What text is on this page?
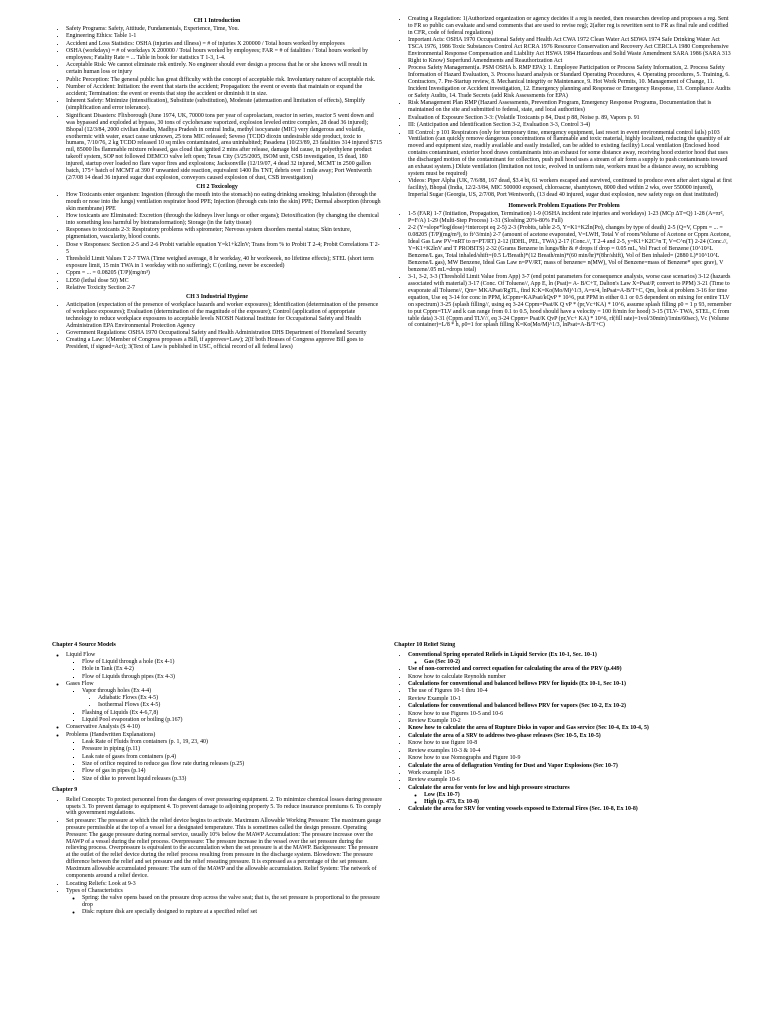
CH 1 Introduction
• Safety Programs: Safety, Attitude, Fundamentals, Experience, Time, You.
• Engineering Ethics: Table 1-1
• Accident and Loss Statistics: OSHA (injuries and illness) = # of injuries X 200000 / Total hours worked by employees
• OSHA (workdays) = # of workdays X 200000 / Total hours worked by employees; FAR = # of fatalities / Total hours worked by employees; Fatality Rate = ... Table in book for statistics T 1-3, 1-4.
• Acceptable Risk: We cannot eliminate risk entirely. No engineer should ever design a process that he or she knows will result in certain human loss or injury
• Public Perception: The general public has great difficulty with the concept of acceptable risk. Involuntary nature of acceptable risk.
• Number of Accident: Initiation: the event that starts the accident; Propagation: the event or events that maintain or expand the accident; Termination: the event or events that stop the accident or diminish it in size.
• Inherent Safety: Minimize (intensification), Substitute (substitution), Moderate (attenuation and limitation of effects), Simplify (simplification and error tolerance).
• Significant Disasters: Flixborough (June 1974, UK, 70000 tons per year of caprolactam, reactor in series, reactor 5 went down and was bypassed and exploded at bypass, 30 tons of cyclohexane vaporized, explosion leveled entire complex, 28 dead 36 injured); Bhopal (12/3/84, 2000 civilian deaths, Madhya Pradesh in central India, methyl isocyanate (MIC) very dangerous and volatile, exothermic with water, exact cause unknown, 25 tons MIC released; Seveso (TCDD dioxin undesirable side product, toxic to humans, 7/10/76, 2 kg TCDD released 10 sq miles contaminated, area uninhabited; Pasadena (10/23/89, 23 fatalities 314 injured $715 mil, 85000 lbs flammable mixture released, gas cloud that ignited 2 mins after release, damage hid cause, in polyethylene product takeoff system, SOP not followed DEMCO valve left open; Texas City (3/25/2005, ISOM unit, CSB investigation, 15 dead, 180 injured, startup over loaded no flare vapor fires and explosions; Jacksonville (12/19/07, 4 dead 32 injured, MCMT in 2500 gallon batch, 175+ batch of MCMT at 390 F unwanted side reaction, equivalent 1400 lbs TNT, debris over 1 mile away; Port Wentworth (2/7/08 14 dead 36 injured sugar dust explosion, conveyors caused explosion of dust, CSB investigation)
CH 2 Toxicology
• How Toxicants enter organism: Ingestion (through the mouth into the stomach) no eating drinking smoking; Inhalation (through the mouth or nose into the lungs) ventilation respirator hood PPE; Injection (through cuts into the skin) PPE; Dermal absorption (through skin membrane) PPE
• How toxicants are Eliminated: Excretion (through the kidneys liver lungs or other organs); Detoxification (by changing the chemical into something less harmful by biotransformation); Storage (in the fatty tissue)
• Responses to toxicants 2-3: Respiratory problems with spirometer; Nervous system disorders mental status; Skin texture, pigmentation, vascularity, blood counts.
• Dose v Responses: Section 2-5 and 2-6 Probit variable equation Y=k1+k2lnV; Trans from % to Probit T 2-4; Probit Correlations T 2-5
• Threshold Limit Values T 2-7 TWA (Time weighed average, 8 hr workday, 40 hr workweek, no lifetime effects); STEL (short term exposure limit, 15 min TWA in 1 workday with no suffering); C (ceiling, never be exceeded)
• Cppm = ... = 0.08205 (T/P)(mg/m³)
• LD50 (lethal dose 50) MC
• Relative Toxicity Section 2-7
CH 3 Industrial Hygiene
• Anticipation (expectation of the presence of workplace hazards and worker exposures); Identification (determination of the presence of workplace exposures); Evaluation (determination of the magnitude of the exposure); Control (application of appropriate technology to reduce workplace exposures to acceptable levels NIOSH National Institute for Occupational Safety and Health Administration EPA Environmental Protection Agency
• Government Regulations: OSHA 1970 Occupational Safety and Health Administration DHS Department of Homeland Security
• Creating a Law: 1(Member of Congress proposes a Bill, if approves=Law); 2(If both Houses of Congress approve Bill goes to President, if signed=Act); 3(Text of Law is published in USC, official record of all federal laws)
• Creating a Regulation: 1(Authorized organization or agency decides if a reg is needed, then researches develop and proposes a reg. Sent to FR so public can evaluate and send comments that are used to revise reg); 2(after reg is rewritten sent to FR as final rule and codified in CFR, code of federal regulations)
• Important Acts: OSHA 1970 Occupational Safety and Health Act CWA 1972 Clean Water Act SDWA 1974 Safe Drinking Water Act TSCA 1976, 1986 Toxic Substances Control Act RCRA 1976 Resource Conservation and Recovery Act CERCLA 1980 Comprehensive Environmental Response Compensation and Liability Act HSWA 1984 Hazardous and Solid Waste Amendment SARA 1986 (SARA 313 Right to Know) Superfund Amendments and Reauthorization Act
• Process Safety Management(a. PSM OSHA b. RMP EPA): 1. Employee Participation or Process Safety Information, 2. Process Safety Information of Hazard Evaluation, 3. Process hazard analysis or Standard Operating Procedures, 4. Operating procedures, 5. Training, 6. Contractors, 7. Pre-Startup review, 8. Mechanical integrity or Maintenance, 9. Hot Work Permits, 10. Management of Change, 11. Incident Investigation or Accident investigation, 12. Emergency planning and Response or Emergency Response, 13. Compliance Audits or Safety Audits, 14. Trade Secrets (add Risk Assessments for EPA)
• Risk Management Plan RMP (Hazard Assessments, Prevention Program, Emergency Response Programs, Documentation that is maintained on the site and submitted to federal, state, and local authorities)
• Evaluation of Exposure Section 3-3: (Volatile Toxicants p 84, Dust p 88, Noise p. 89, Vapors p. 91
• III: (Anticipation and Identification Section 3-2, Evaluation 3-3, Control 3-4)
• III Control: p 101 Respirators (only for temporary time, emergency equipment, last resort in event environmental control fails) p103 Ventilation (can quickly remove dangerous concentrations of flammable and toxic material, highly localized, reducing the quantity of air moved and equipment size, readily available and easily installed, can be added to existing facility) Local ventilation (Enclosed hood contains contaminant, exterior hood draws contaminants into an exhaust for some distance away, receiving hood exterior hood that uses the discharged motion of the contaminant for collection, push pull hood uses a stream of air form a supply to push contaminants toward an exhaust system.) Dilute ventilation (limitation not toxic, evolved in uniform rate, workers must be a distance away, no scrubbing system must be required)
• Videos: Piper Alpha (UK, 7/6/88, 167 dead, $3.4 bi, 61 workers escaped and survived, continued to produce even after alert signal at first facility), Bhopal (India, 12/2-3/84, MIC 500000 exposed, chloroacne, shantytown, 8000 died within 2 wks, over 550000 injured), Imperial Sugar (Georgia, US, 2/7/08, Port Wentworth, (13 dead 40 injured, sugar dust explosion, new safety regs on dust instituted)
Homework Problem Equations Per Problem
• 1-5 (FAR) 1-7 (Initiation, Propagation, Termination) 1-9 (OSHA incident rate injuries and workdays) 1-23 (MCp ΔT=Q) 1-28 (A=πr², P=F/A) 1-29 (Multi-Step Process) 1-31 (Sloshing 20%-80% Full)
• 2-2 (Y=slope*log(dose)+intercept eq 2-5) 2-3 (Probits, table 2-5, Y=K1+K2ln(Po), changes by type of death) 2-5 (Q=V, Cppm = ... = 0.08205 (T/P)(mg/m³), to ft^3/min) 2-7 (amount of acetone evaporated, V=LWH, Total V of room/Volume of Acetone or Cppm Acetone, Ideal Gas Law PV=nRT to n=PT/RT) 2-12 (IDHL, PEL, TWA) 2-17 (Conc.//, T 2-4 and 2-5, y=K1+K2C^n T, V=C^n(T) 2-24 (Conc.//, Y=K1+K2lnV and T PROBITS) 2-32 (Grams Benzene in lungs/8hr & # drops if drop = 0.05 mL, Vol Fract of Benzene (10^10^L Benzene/L gas, Total inhaled/shift=(0.5 L/Breath)*(12 Breath/min)*(60 min/hr)*(8hr/shift), Vol of Ben inhaled= (2880 L)*10^10^L Benzene/L gas), MW Benzene, Ideal Gas Law n=PV/RT, mass of benzene= n(MW), Vol of Benzene=mass of Benzene* spec grav), V benzene/.05 mL=drops total)
• 3-1, 3-2, 3-3 (Threshold Limit Value from App) 3-7 (end point parameters for consequence analysis, worse case scenarios) 3-12 (hazards associated with material) 3-17 (Conc. Of Toluene//, App E, ln (Psat)= A- B/C+T, Dalton's Law X=Psat/P, convert to PPM) 3-21 (Time to evaporate all Toluene//, Qm= MKAPsat/RgTL, find K:K=Ko(Mo/M)^1/3, A=π/4, lnPsat=A-B/T+C, Qm, look at problem 3-16 for time equation, Use eq 3-14 for conc in PPM, kCppm=KAPsat/kQvP * 10^6, put PPM in either 0.1 or 0.5 dependent on mixing for entire TLV on spectrum) 3-25 (splash filling//, using eq 3-24 Cppm=Psat/K Q vP * (pr,Vc+KA) * 10^6, assume splash filling ρ0 = 1 p 93, remember to put Cppm=TLV and k can range from 0.1 to 0.5, hood should have a velocity = 100 ft/min for hood) 3-15 (TLV- TWA, STEL, C from table data) 3-31 (Cppm and TLV//, eq 3-24 Cppm= Psat/K QvP (pr,Vc+ KA) * 10^6, rf(fill rate)=1vol/30min)/1min/60sec), Vc (Volume of container)=L/8 * h, ρ0=1 for splash filling K=Ko(Mo/M)^1/3, lnPsat=A-B/T+C)
Chapter 4 Source Models
◦ Liquid Flow
▪ Flow of Liquid through a hole (Ex 4-1)
▪ Hole in Tank (Ex 4-2)
▪ Flow of Liquids through pipes (Ex 4-3)
◦ Gases Flow
▪ Vapor through holes (Ex 4-4)
• Adiabatic Flows (Ex 4-5)
• Isothermal Flows (Ex 4-5)
▪ Flashing of Liquids (Ex 4-6,7,8)
▪ Liquid Pool evaporation or boiling (p.167)
◦ Conservative Analysis (S 4-10)
◦ Problems (Handwritten Explanations)
▪ Leak Rate of Fluids from containers (p. 1, 19, 23, 40)
▪ Pressure in piping (p.11)
▪ Leak rate of gases from containers (p.4)
▪ Size of orifice required to reduce gas flow rate during releases (p.25)
▪ Flow of gas in pipes (p.14)
▪ Size of dike to prevent liquid releases (p.33)
Chapter 9
• Relief Concepts: To protect personnel from the dangers of over pressuring equipment. 2. To minimize chemical losses during pressure upsets 3. To prevent damage to equipment 4. To prevent damage to adjoining property 5. To reduce insurance premiums 6. To comply with government regulations.
• Set pressure: The pressure at which the relief device begins to activate. Maximum Allowable Working Pressure: The maximum gauge pressure permissible at the top of a vessel for a designated temperature. This is sometimes called the design pressure. Operating Pressure: The gauge pressure during normal service, usually 10% below the MAWP Accumulation: The pressure increase over the MAWP of a vessel during the relief process. Overpressure: The pressure increase in the vessel over the set pressure during the relieving process. Overpressure is equivalent to the accumulation when the set pressure is at the MAWP. Backpressure: The pressure at the outlet of the relief device during the relief process resulting from pressure in the discharge system. Blowdown: The pressure difference between the relief and set pressure and the relief reseating pressure. It is expressed as a percentage of the set pressure. Maximum allowable accumulated pressure: The sum of the MAWP and the allowable accumulation. Relief System: The network of components around a relief device.
• Locating Reliefs: Look at 9-3
• Types of Characteristics
◦ Spring: the valve opens based on the pressure drop across the valve seat; that is, the set pressure is proportional to the pressure drop
◦ Disk: rupture disk are specially designed to rupture at a specified relief set
Chapter 10 Relief Sizing
• Conventional Spring operated Reliefs in Liquid Service (Ex 10-1, Sec. 10-1)
◦ Gas (Sec 10-2)
• Use of non-corrected and correct equation for calculating the area of the PRV (p.449)
• Know how to calculate Reynolds number
• Calculations for conventional and balanced bellows PRV for liquids (Ex 10-1, Sec 10-1)
• The use of Figures 10-1 thru 10-4
• Review Example 10-1
• Calculations for conventional and balanced bellows PRV for vapors (Sec 10-2, Ex 10-2)
• Know how to use Figures 10-5 and 10-6
• Review Example 10-2
• Know how to calculate the area of Rupture Disks in vapor and Gas service (Sec 10-4, Ex 10-4, 5)
• Calculate the area of a SRV to address two-phase releases (Sec 10-5, Ex 10-5)
• Know how to use figure 10-8
• Review examples 10-3 & 10-4
• Know how to use Nomographs and Figure 10-9
• Calculate the area of deflagration Venting for Dust and Vapor Explosions (Sec 10-7)
• Work example 10-5
• Review example 10-6
• Calculate the area for vents for low and high pressure structures
◦ Low (Ex 10-7)
◦ High (p. 473, Ex 10-8)
• Calculate the area for SRV for venting vessels exposed to External Fires (Sec. 10-8, Ex 10-8)
